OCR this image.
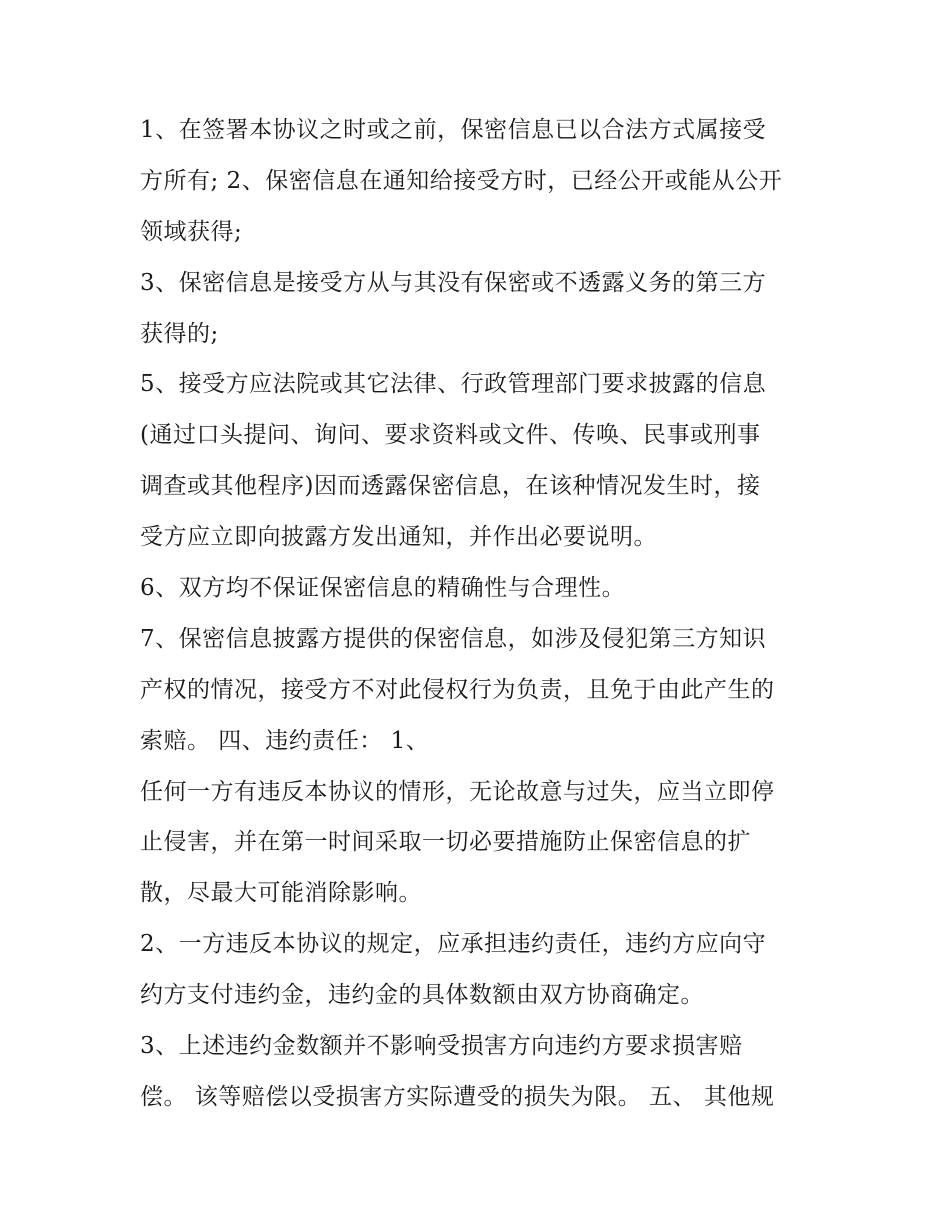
1、在签署本协议之时或之前，保密信息已以合法方式属接受
方所有; 2、保密信息在通知给接受方时，已经公开或能从公开
领域获得;
3、保密信息是接受方从与其没有保密或不透露义务的第三方
获得的;
5、接受方应法院或其它法律、行政管理部门要求披露的信息
(通过口头提问、询问、要求资料或文件、传唤、民事或刑事
调查或其他程序)因而透露保密信息，在该种情况发生时，接
受方应立即向披露方发出通知，并作出必要说明。
6、双方均不保证保密信息的精确性与合理性。
7、保密信息披露方提供的保密信息，如涉及侵犯第三方知识
产权的情况，接受方不对此侵权行为负责，且免于由此产生的
索赔。 四、违约责任： 1、
任何一方有违反本协议的情形，无论故意与过失，应当立即停
止侵害，并在第一时间采取一切必要措施防止保密信息的扩
散，尽最大可能消除影响。
2、一方违反本协议的规定，应承担违约责任，违约方应向守
约方支付违约金，违约金的具体数额由双方协商确定。
3、上述违约金数额并不影响受损害方向违约方要求损害赔
偿。 该等赔偿以受损害方实际遭受的损失为限。 五、 其他规
